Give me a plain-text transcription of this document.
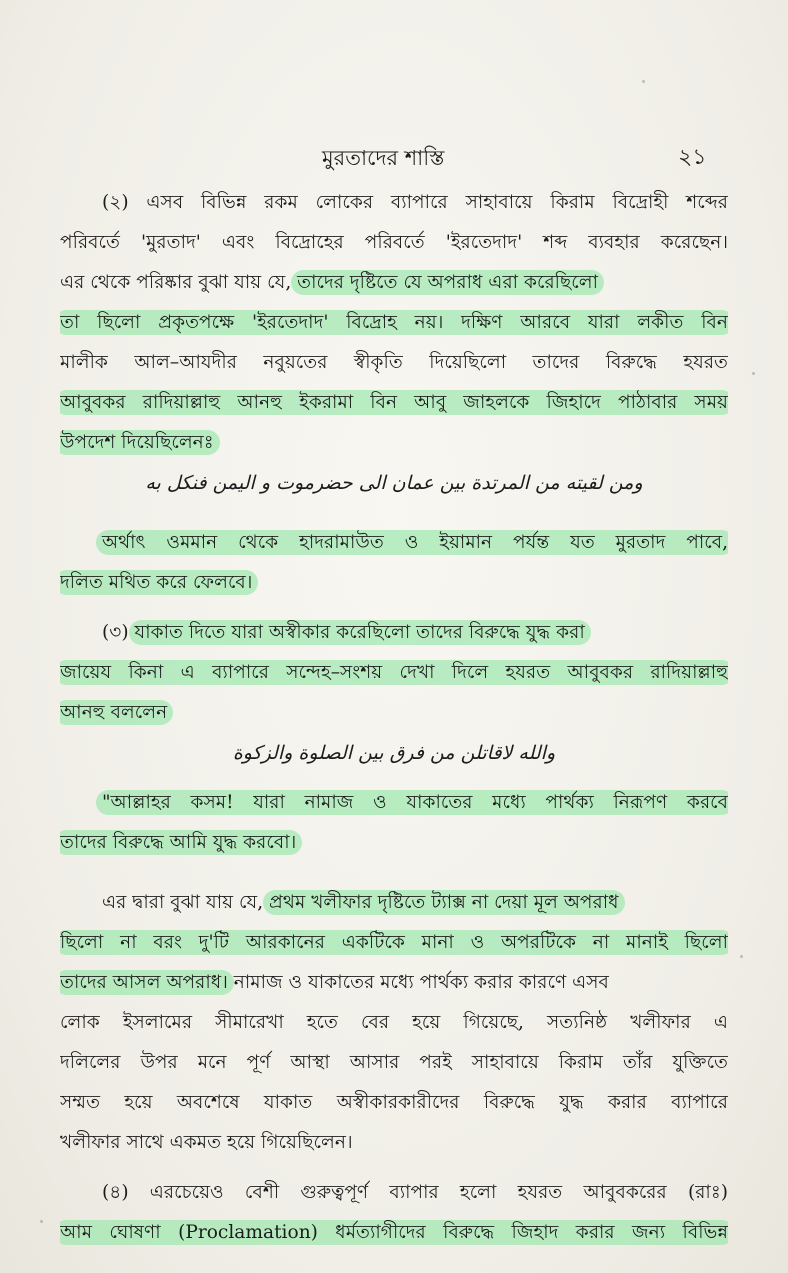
মুরতাদের শাস্তি	২১
(২) এসব বিভিন্ন রকম লোকের ব্যাপারে সাহাবায়ে কিরাম বিদ্রোহী শব্দের
পরিবর্তে 'মুরতাদ' এবং বিদ্রোহের পরিবর্তে 'ইরতেদাদ' শব্দ ব্যবহার করেছেন।
এর থেকে পরিষ্কার বুঝা যায় যে, তাদের দৃষ্টিতে যে অপরাধ এরা করেছিলো
তা ছিলো প্রকৃতপক্ষে 'ইরতেদাদ' বিদ্রোহ নয়। দক্ষিণ আরবে যারা লকীত বিন
মালীক আল–আযদীর নবুয়তের স্বীকৃতি দিয়েছিলো তাদের বিরুদ্ধে হযরত
আবুবকর রাদিয়াল্লাহু আনহু ইকরামা বিন আবু জাহলকে জিহাদে পাঠাবার সময়
উপদেশ দিয়েছিলেনঃ
ومن لقيته من المرتدة بين عمان الى حضرموت و اليمن فنكل به
অর্থাৎ ওমমান থেকে হাদরামাউত ও ইয়ামান পর্যন্ত যত মুরতাদ পাবে,
দলিত মথিত করে ফেলবে।
(৩) যাকাত দিতে যারা অস্বীকার করেছিলো তাদের বিরুদ্ধে যুদ্ধ করা
জায়েয কিনা এ ব্যাপারে সন্দেহ–সংশয় দেখা দিলে হযরত আবুবকর রাদিয়াল্লাহু
আনহু বললেন
والله لاقاتلن من فرق بين الصلوة والزكوة
"আল্লাহর কসম! যারা নামাজ ও যাকাতের মধ্যে পার্থক্য নিরূপণ করবে
তাদের বিরুদ্ধে আমি যুদ্ধ করবো।
এর দ্বারা বুঝা যায় যে, প্রথম খলীফার দৃষ্টিতে ট্যাক্স না দেয়া মূল অপরাধ
ছিলো না বরং দু'টি আরকানের একটিকে মানা ও অপরটিকে না মানাই ছিলো
তাদের আসল অপরাধ। নামাজ ও যাকাতের মধ্যে পার্থক্য করার কারণে এসব
লোক ইসলামের সীমারেখা হতে বের হয়ে গিয়েছে, সত্যনিষ্ঠ খলীফার এ
দলিলের উপর মনে পূর্ণ আস্থা আসার পরই সাহাবায়ে কিরাম তাঁর যুক্তিতে
সম্মত হয়ে অবশেষে যাকাত অস্বীকারকারীদের বিরুদ্ধে যুদ্ধ করার ব্যাপারে
খলীফার সাথে একমত হয়ে গিয়েছিলেন।
(৪) এরচেয়েও বেশী গুরুত্বপূর্ণ ব্যাপার হলো হযরত আবুবকরের (রাঃ)
আম ঘোষণা (Proclamation) ধর্মত্যাগীদের বিরুদ্ধে জিহাদ করার জন্য বিভিন্ন
